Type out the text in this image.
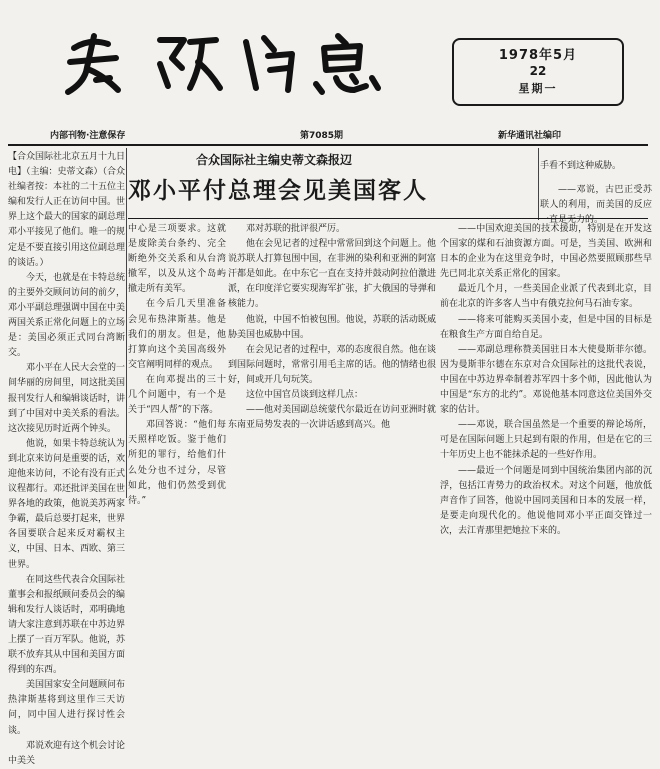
1978年5月
22
星期一
内部刊物·注意保存	第7085期	新华通讯社编印
合众国际社主编史蒂文森报辺
邓小平付总理会见美国客人

【合众国际社北京五月十九日电】（主编：史蒂文森）（合众社编者按：本社的二十五位主编和发行人正在访问中国。世界上这个最大的国家的副总理邓小平接见了他们。唯一的规定是不要直接引用这位副总理的谈话。）

今天，也就是在卡特总统的主要外交顾问访问的前夕，邓小平副总理强调中国在中美两国关系正常化问题上的立场是：美国必须正式同台湾断交。

邓小平在人民大会堂的一间华丽的房间里，同这批美国报刊发行人和编辑谈话时，讲到了中国对中美关系的看法。这次接见历时近两个钟头。

他说，如果卡特总统认为到北京来访问是重要的话，欢迎他来访问，不论有没有正式议程都行。邓还批评美国在世界各地的政策，他说美苏两家争霸，最后总要打起来，世界各国要联合起来反对霸权主义，中国、日本、西欧、第三世界。

在同这些代表合众国际社董事会和报纸顾问委员会的编辑和发行人谈话时，邓明确地请大家注意到苏联在中苏边界上摆了一百万军队。他说，苏联不放弃其从中国和美国方面得到的东西。

美国国家安全问题顾问布热津斯基将到这里作三天访问，同中国人进行探讨性会谈。

邓说欢迎有这个机会讨论中美关

中心是三项要求。这就是废除美台条约、完全断绝外交关系和从台湾撤军，以及从这个岛屿撤走所有美军。

在今后几天里准备会见布热津斯基。他是我们的朋友。但是，他打算向这个美国高级外交官阐明同样的观点。

在向邓提出的三十几个问题中，有一个是关于“四人帮”的下落。

邓回答说：“他们每天照样吃饭。鉴于他们所犯的罪行，给他们什么处分也不过分，尽管如此，他们仍然受到优待。”

邓对苏联的批评很严厉。

他在会见记者的过程中常常回到这个问题上。他说苏联人打算包围中国，在非洲的染利和亚洲的阿富汗都是如此。在中东它一直在支持并鼓动阿拉伯激进派，在印度洋它要实现海军扩张，扩大俄国的导弹和核能力。

他说，中国不怕被包围。他说，苏联的活动既威胁美国也威胁中国。

在会见记者的过程中，邓的态度很自然。他在谈到国际问题时，常常引用毛主席的话。他的情绪也很好，间或开几句玩笑。

这位中国官员谈到这样几点：

——他对美国副总统蒙代尔最近在访问亚洲时就东南亚局势发表的一次讲话感到高兴。他

手看不到这种威胁。

——邓说，古巴正受苏联人的利用，而美国的反应一直是无力的。

——中国欢迎美国的技术援助，特别是在开发这个国家的煤和石油资源方面。可是，当美国、欧洲和日本的企业为在这里竞争时，中国必然要照顾那些早先已同北京关系正常化的国家。

最近几个月，一些美国企业派了代表到北京，目前在北京的许多客人当中有俄克拉何马石油专家。

——将来可能购买美国小麦，但是中国的目标是在粮食生产方面自给自足。

——邓副总理称赞美国驻日本大使曼斯菲尔德。因为曼斯菲尔德在东京对合众国际社的这批代表说，中国在中苏边界牵制着苏军四十多个师，因此他认为中国是“东方的北约”。邓说他基本同意这位美国外交家的估计。

——邓说，联合国虽然是一个重要的辩论场所，可是在国际问题上只起到有限的作用，但是在它的三十年历史上也不能抹杀起的一些好作用。

——最近一个问题是同到中国统治集团内部的沉浮，包括江青势力的政治权术。对这个问题，他放低声音作了回答，他说中国同美国和日本的发展一样，是要走向现代化的。他说他同邓小平正面交锋过一次，去江青那里把她拉下来的。
